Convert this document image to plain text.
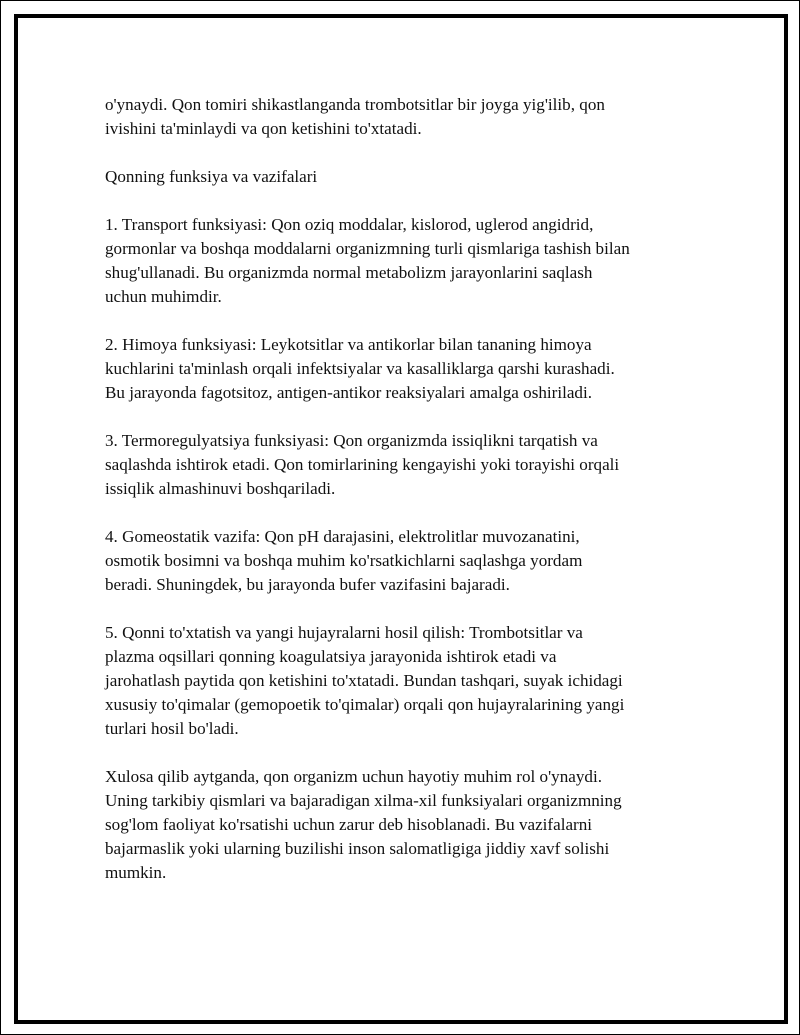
o'ynaydi. Qon tomiri shikastlanganda trombotsitlar bir joyga yig'ilib, qon
ivishini ta'minlaydi va qon ketishini to'xtatadi.

Qonning funksiya va vazifalari

1. Transport funksiyasi: Qon oziq moddalar, kislorod, uglerod angidrid,
gormonlar va boshqa moddalarni organizmning turli qismlariga tashish bilan
shug'ullanadi. Bu organizmda normal metabolizm jarayonlarini saqlash
uchun muhimdir.

2. Himoya funksiyasi: Leykotsitlar va antikorlar bilan tananing himoya
kuchlarini ta'minlash orqali infektsiyalar va kasalliklarga qarshi kurashadi.
Bu jarayonda fagotsitoz, antigen-antikor reaksiyalari amalga oshiriladi.

3. Termoregulyatsiya funksiyasi: Qon organizmda issiqlikni tarqatish va
saqlashda ishtirok etadi. Qon tomirlarining kengayishi yoki torayishi orqali
issiqlik almashinuvi boshqariladi.

4. Gomeostatik vazifa: Qon pH darajasini, elektrolitlar muvozanatini,
osmotik bosimni va boshqa muhim ko'rsatkichlarni saqlashga yordam
beradi. Shuningdek, bu jarayonda bufer vazifasini bajaradi.

5. Qonni to'xtatish va yangi hujayralarni hosil qilish: Trombotsitlar va
plazma oqsillari qonning koagulatsiya jarayonida ishtirok etadi va
jarohatlash paytida qon ketishini to'xtatadi. Bundan tashqari, suyak ichidagi
xususiy to'qimalar (gemopoetik to'qimalar) orqali qon hujayralarining yangi
turlari hosil bo'ladi.

Xulosa qilib aytganda, qon organizm uchun hayotiy muhim rol o'ynaydi.
Uning tarkibiy qismlari va bajaradigan xilma-xil funksiyalari organizmning
sog'lom faoliyat ko'rsatishi uchun zarur deb hisoblanadi. Bu vazifalarni
bajarmaslik yoki ularning buzilishi inson salomatligiga jiddiy xavf solishi
mumkin.
